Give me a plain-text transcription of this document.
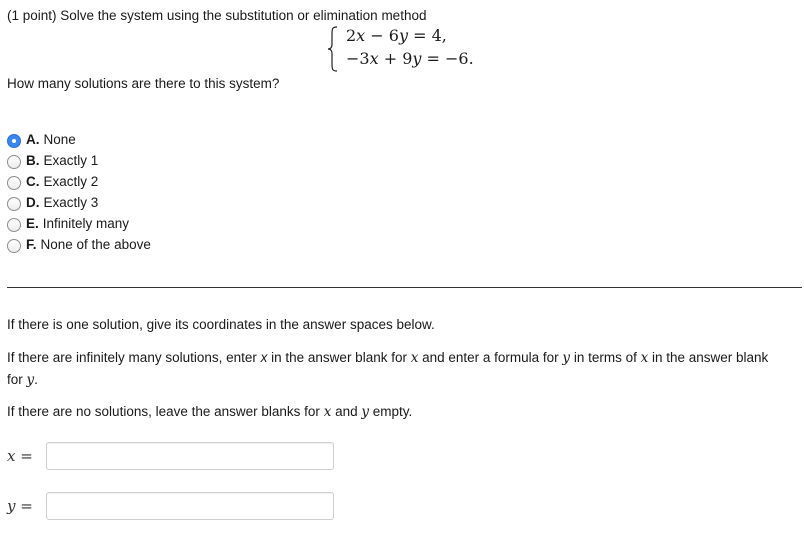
(1 point) Solve the system using the substitution or elimination method
2𝑥 − 6𝑦 = 4,
−3𝑥 + 9𝑦 = −6.
How many solutions are there to this system?
A. None
B. Exactly 1
C. Exactly 2
D. Exactly 3
E. Infinitely many
F. None of the above
If there is one solution, give its coordinates in the answer spaces below.
If there are infinitely many solutions, enter x in the answer blank for 𝑥 and enter a formula for 𝑦 in terms of 𝑥 in the answer blank for 𝑦.
If there are no solutions, leave the answer blanks for 𝑥 and 𝑦 empty.
𝑥 =
𝑦 =
